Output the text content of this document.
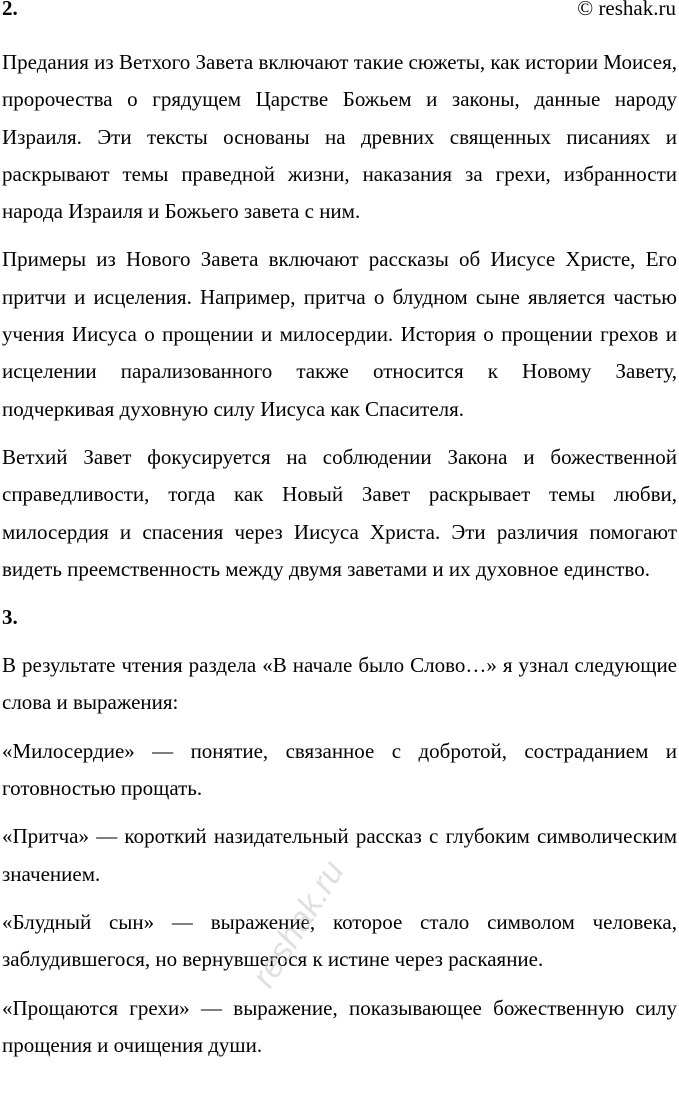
2.	© reshak.ru

Предания из Ветхого Завета включают такие сюжеты, как истории Моисея, пророчества о грядущем Царстве Божьем и законы, данные народу Израиля. Эти тексты основаны на древних священных писаниях и раскрывают темы праведной жизни, наказания за грехи, избранности народа Израиля и Божьего завета с ним.

Примеры из Нового Завета включают рассказы об Иисусе Христе, Его притчи и исцеления. Например, притча о блудном сыне является частью учения Иисуса о прощении и милосердии. История о прощении грехов и исцелении парализованного также относится к Новому Завету, подчеркивая духовную силу Иисуса как Спасителя.

Ветхий Завет фокусируется на соблюдении Закона и божественной справедливости, тогда как Новый Завет раскрывает темы любви, милосердия и спасения через Иисуса Христа. Эти различия помогают видеть преемственность между двумя заветами и их духовное единство.

3.

В результате чтения раздела «В начале было Слово…» я узнал следующие слова и выражения:

«Милосердие» — понятие, связанное с добротой, состраданием и готовностью прощать.

«Притча» — короткий назидательный рассказ с глубоким символическим значением.

«Блудный сын» — выражение, которое стало символом человека, заблудившегося, но вернувшегося к истине через раскаяние.

«Прощаются грехи» — выражение, показывающее божественную силу прощения и очищения души.

reshak.ru
